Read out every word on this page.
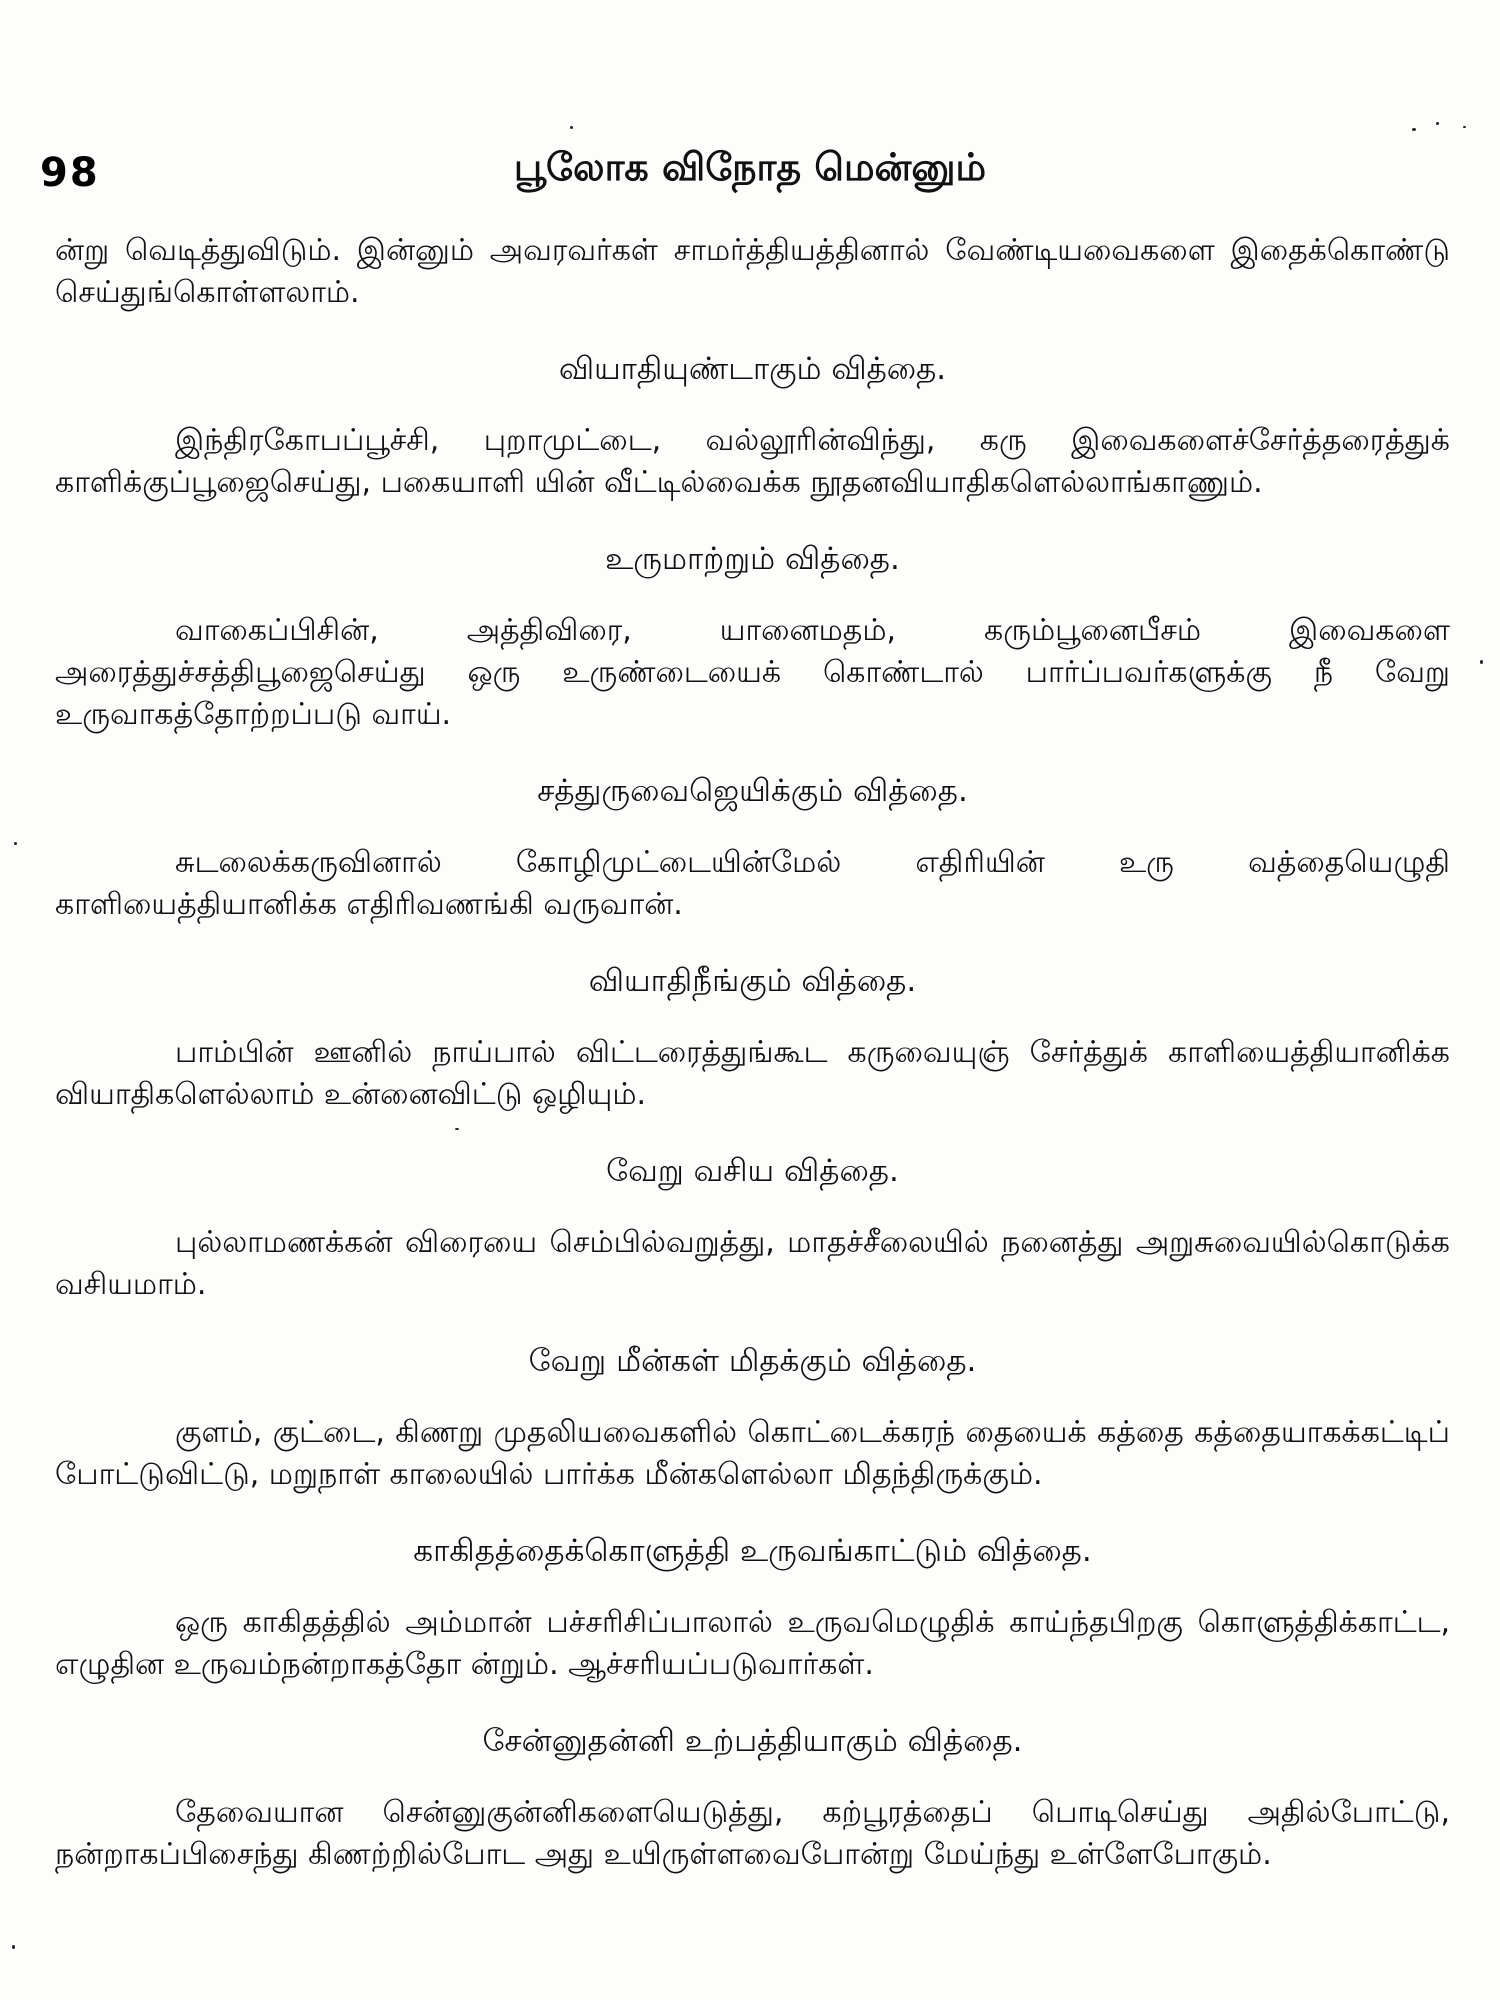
98	பூலோக விநோத மென்னும்

ன்று வெடித்துவிடும். இன்னும் அவரவர்கள் சாமர்த்தியத்தினால் வேண்டியவைகளை இதைக்கொண்டு செய்துங்கொள்ளலாம்.

வியாதியுண்டாகும் வித்தை.

இந்திரகோபப்பூச்சி, புறாமுட்டை, வல்லூரின்விந்து, கரு இவைகளைச்சேர்த்தரைத்துக் காளிக்குப்பூஜைசெய்து, பகையாளி யின் வீட்டில்வைக்க நூதனவியாதிகளெல்லாங்காணும்.

உருமாற்றும் வித்தை.

வாகைப்பிசின், அத்திவிரை, யானைமதம், கரும்பூனைபீசம் இவைகளை அரைத்துச்சத்திபூஜைசெய்து ஒரு உருண்டையைக் கொண்டால் பார்ப்பவர்களுக்கு நீ வேறு உருவாகத்தோற்றப்படு வாய்.

சத்துருவைஜெயிக்கும் வித்தை.

சுடலைக்கருவினால் கோழிமுட்டையின்மேல் எதிரியின் உரு வத்தையெழுதி காளியைத்தியானிக்க எதிரிவணங்கி வருவான்.

வியாதிநீங்கும் வித்தை.

பாம்பின் ஊனில் நாய்பால் விட்டரைத்துங்கூட கருவையுஞ் சேர்த்துக் காளியைத்தியானிக்க வியாதிகளெல்லாம் உன்னைவிட்டு ஒழியும்.

வேறு வசிய வித்தை.

புல்லாமணக்கன் விரையை செம்பில்வறுத்து, மாதச்சீலையில் நனைத்து அறுசுவையில்கொடுக்க வசியமாம்.

வேறு மீன்கள் மிதக்கும் வித்தை.

குளம், குட்டை, கிணறு முதலியவைகளில் கொட்டைக்கரந் தையைக் கத்தை கத்தையாகக்கட்டிப் போட்டுவிட்டு, மறுநாள் காலையில் பார்க்க மீன்களெல்லா மிதந்திருக்கும்.

காகிதத்தைக்கொளுத்தி உருவங்காட்டும் வித்தை.

ஒரு காகிதத்தில் அம்மான் பச்சரிசிப்பாலால் உருவமெழுதிக் காய்ந்தபிறகு கொளுத்திக்காட்ட, எழுதின உருவம்நன்றாகத்தோ ன்றும். ஆச்சரியப்படுவார்கள்.

சேன்னுதன்னி உற்பத்தியாகும் வித்தை.

தேவையான சென்னுகுன்னிகளையெடுத்து, கற்பூரத்தைப் பொடிசெய்து அதில்போட்டு, நன்றாகப்பிசைந்து கிணற்றில்போட அது உயிருள்ளவைபோன்று மேய்ந்து உள்ளேபோகும்.
